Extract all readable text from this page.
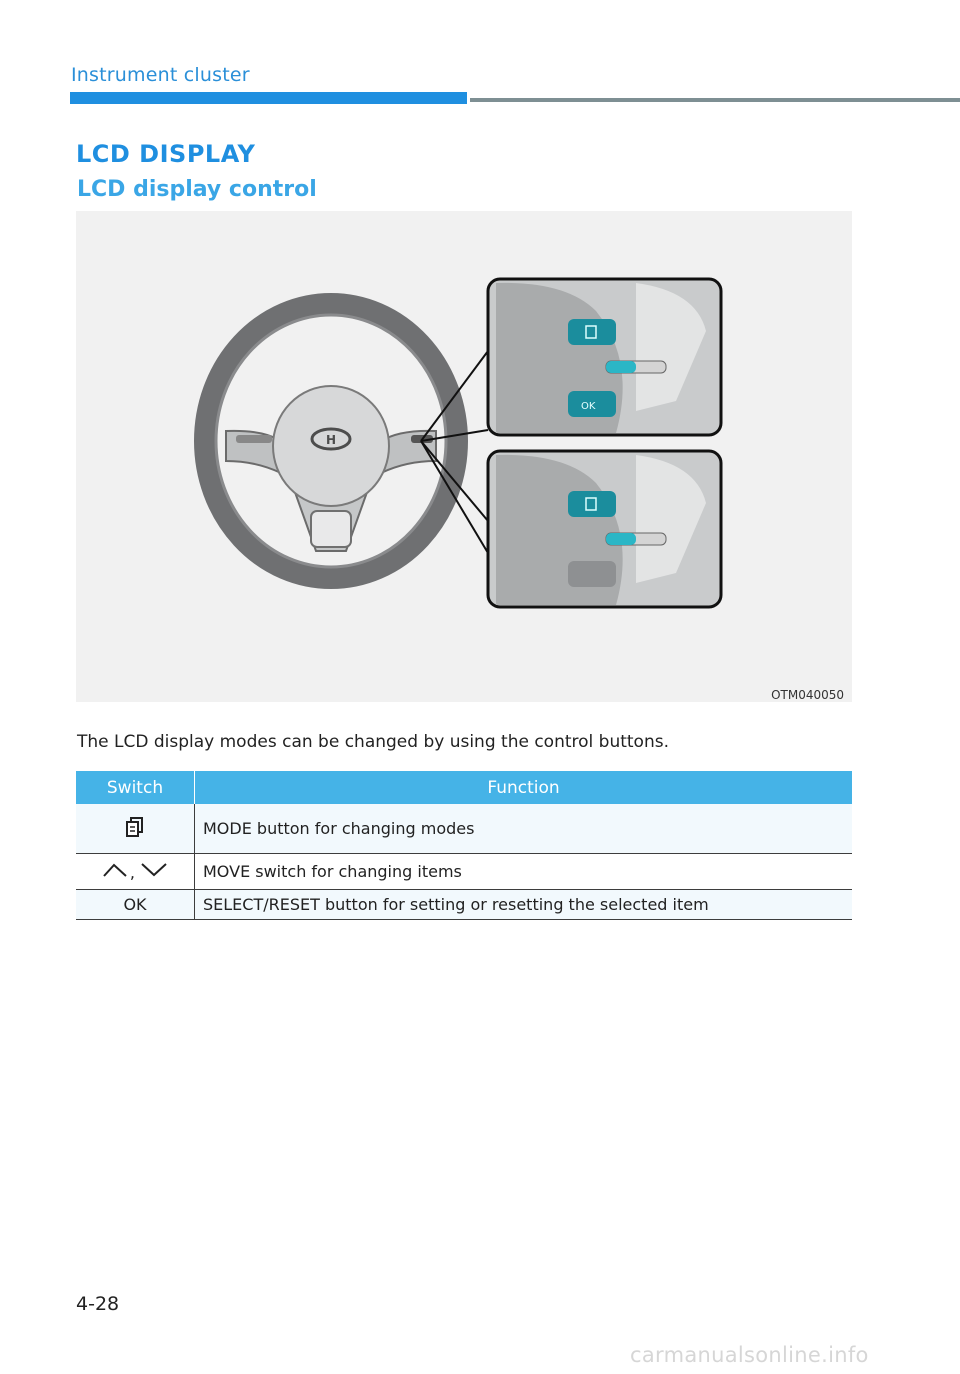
Instrument cluster
LCD DISPLAY
LCD display control
H
OK
OTM040050
The LCD display modes can be changed by using the control buttons.
Switch	Function
	MODE button for changing modes
,	MOVE switch for changing items
OK	SELECT/RESET button for setting or resetting the selected item
4-28
carmanualsonline.info
